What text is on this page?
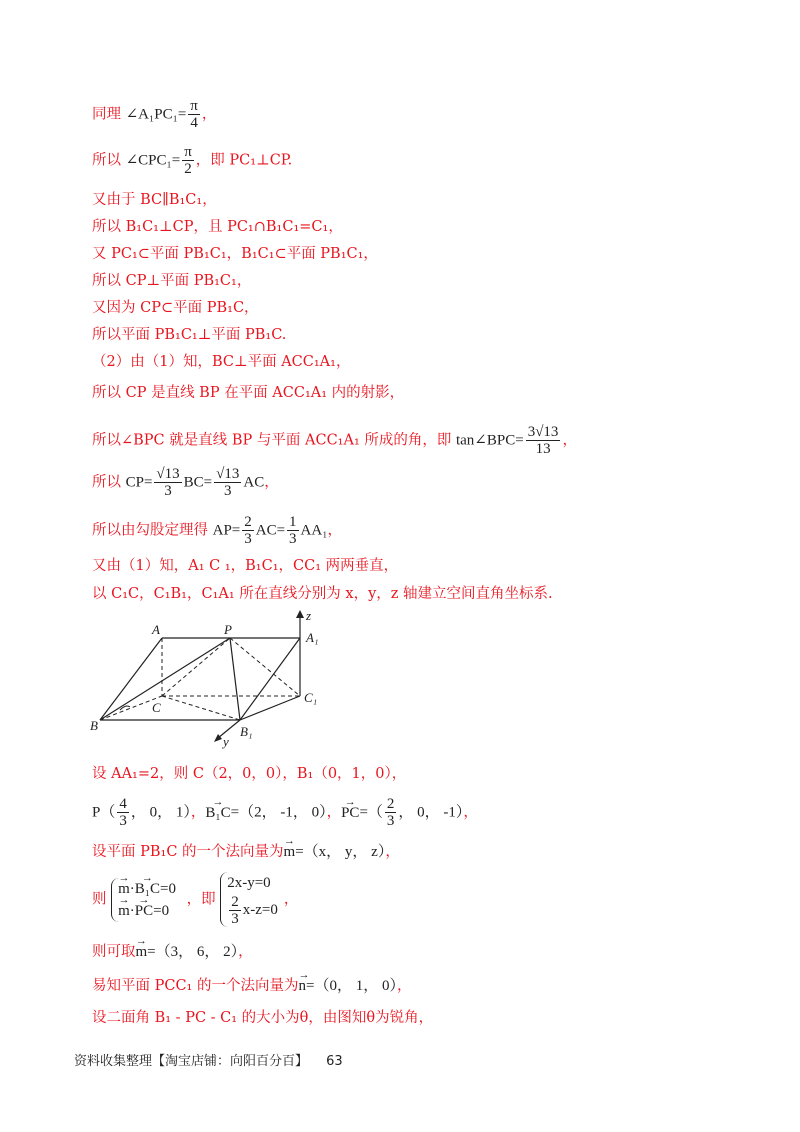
同理 ∠A₁PC₁= $\frac{\pi}{4}$ ，
所以 ∠CPC₁= $\frac{\pi}{2}$ ，即 PC₁⊥CP.
又由于 BC∥B₁C₁，
所以 B₁C₁⊥CP，且 PC₁∩B₁C₁=C₁，
又 PC₁⊂平面 PB₁C₁，B₁C₁⊂平面 PB₁C₁，
所以 CP⊥平面 PB₁C₁，
又因为 CP⊂平面 PB₁C，
所以平面 PB₁C₁⊥平面 PB₁C.
（2）由（1）知，BC⊥平面 ACC₁A₁，
所以 CP 是直线 BP 在平面 ACC₁A₁ 内的射影，
所以∠BPC 就是直线 BP 与平面 ACC₁A₁ 所成的角，即 tan∠BPC= $\frac{3√13}{13}$ ，
所以 $CP= \frac{√13}{3} BC= \frac{√13}{3}$ AC，
所以由勾股定理得 $AP= \frac{2}{3} AC= \frac{1}{3} AA_1$，
又由（1）知，A₁ C ₁，B₁C₁，CC₁ 两两垂直，
以 C₁C，C₁B₁，C₁A₁ 所在直线分别为 x，y，z 轴建立空间直角坐标系.
A	P
A₁
z
C
C₁
B	B₁
y
设 AA₁=2，则 C（2，0，0），B₁（0，1，0），
$P( \frac{4}{3}$ ， 0， 1），→ B₁C=（2， -1， 0），→ $PC=( \frac{2}{3}$ ， 0， -1），
设平面 PB₁C 的一个法向量为→ m=（x， y， z），
则
→ m·→ B₁C=0
→ m·→ PC=0
，即
2x-y=0
$\frac{2}{3} x-z=0$
，
则可取→ m=（3， 6， 2），
易知平面 PCC₁ 的一个法向量为→ n=（0， 1， 0），
设二面角 B₁ - PC - C₁ 的大小为θ，由图知θ为锐角，
资料收集整理【淘宝店铺：向阳百分百】 63
